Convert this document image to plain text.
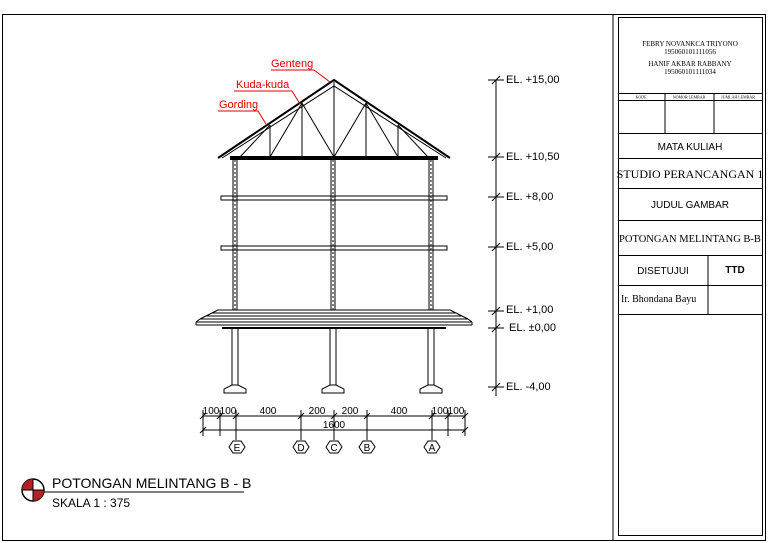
Genteng
Kuda-kuda
Gording
EL. +15,00
EL. +10,50
EL. +8,00
EL. +5,00
EL. +1,00
EL. ±0,00
EL. -4,00
100 100 400	200 200	400 100 100
1600
E	D	C	B	A
POTONGAN MELINTANG B - B
SKALA 1 : 375
FEBRY NOVANKCA TRIYONO
195060101111056
HANIF AKBAR RABBANY
195060101111034
KODE	NOMOR LEMBAR	JUMLAH LEMBAR
MATA KULIAH
STUDIO PERANCANGAN 1
JUDUL GAMBAR
POTONGAN MELINTANG B-B
DISETUJUI	TTD
Ir. Bhondana Bayu
